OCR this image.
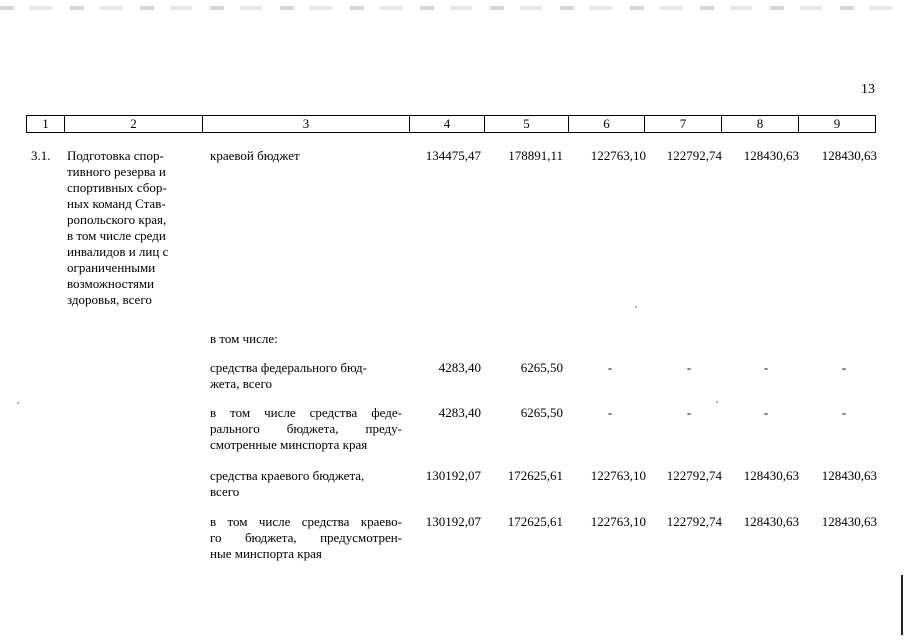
13
1	2	3	4	5	6	7	8	9
3.1. Подготовка спор-
тивного резерва и
спортивных сбор-
ных команд Став-
ропольского края,
в том числе среди
инвалидов и лиц с
ограниченными
возможностями
здоровья, всего
краевой бюджет	134475,47	178891,11	122763,10	122792,74	128430,63	128430,63
в том числе:
средства федерального бюд-
жета, всего
4283,40	6265,50	-	-	-	-
в том числе средства феде-
рального бюджета, преду-
смотренные минспорта края
4283,40	6265,50	-	-	-	-
средства краевого бюджета,
всего
130192,07	172625,61	122763,10	122792,74	128430,63	128430,63
в том числе средства краево-
го бюджета, предусмотрен-
ные минспорта края
130192,07	172625,61	122763,10	122792,74	128430,63	128430,63
